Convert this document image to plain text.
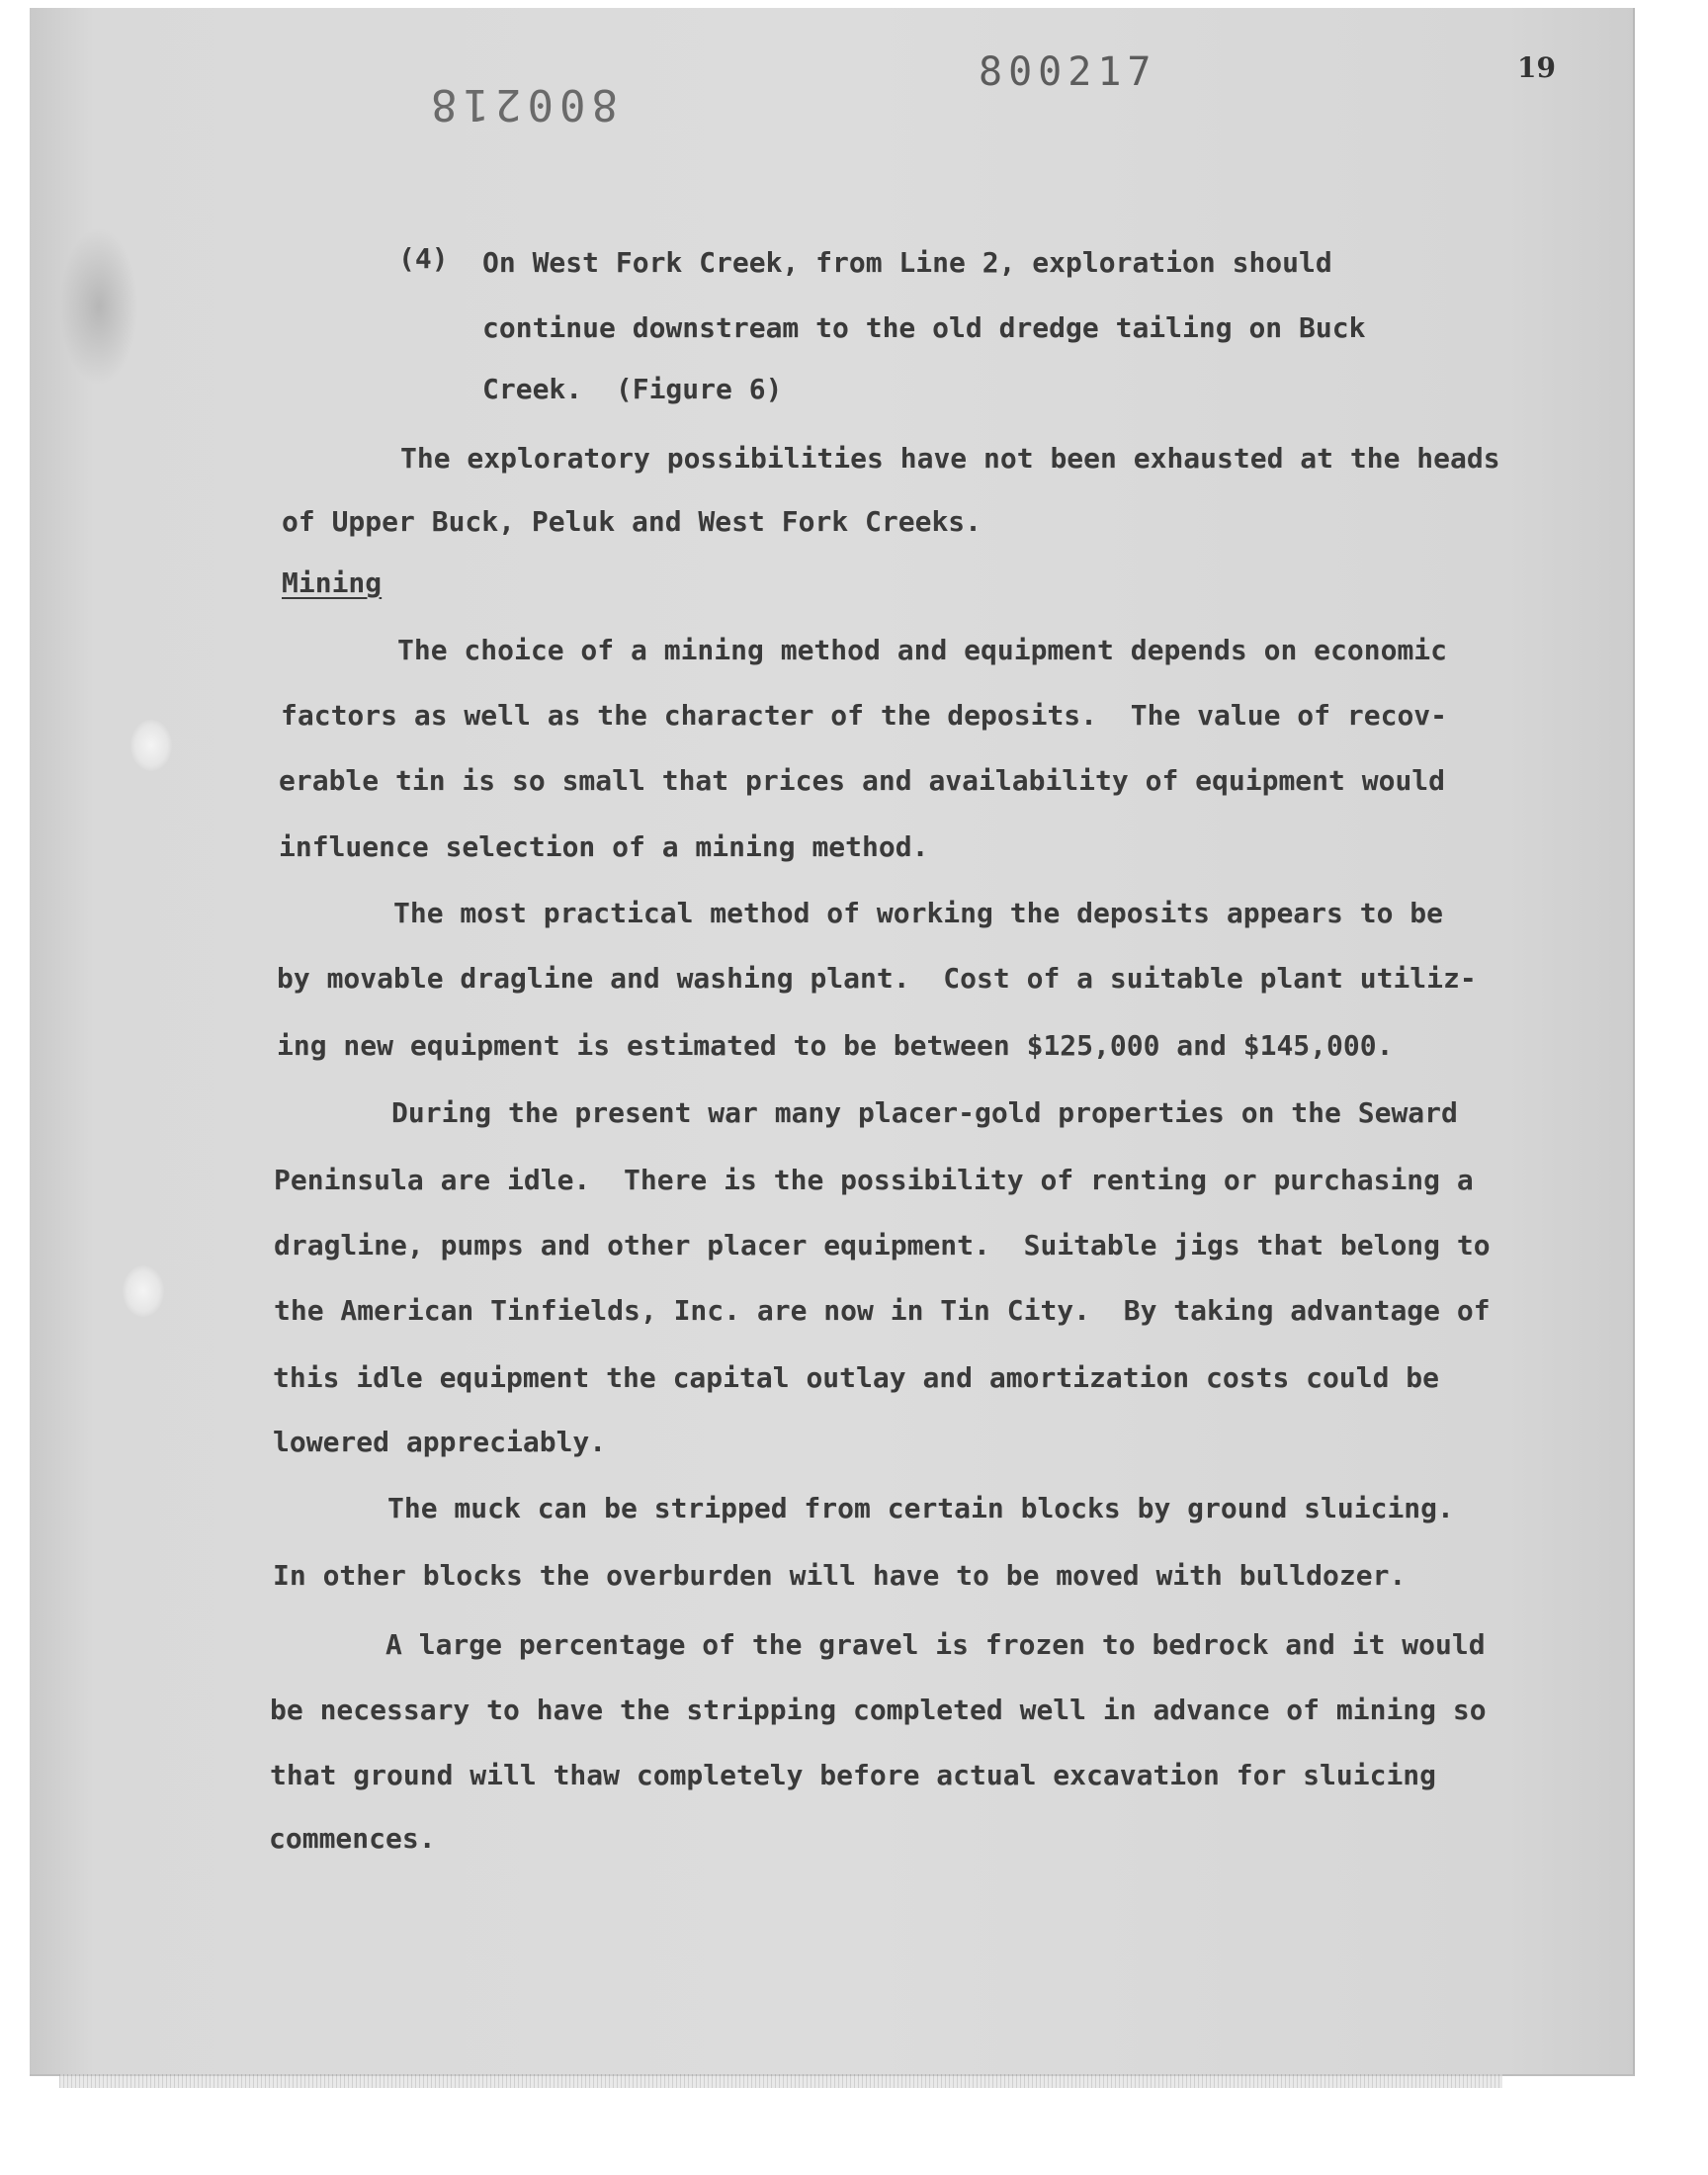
800218
800217	19
(4) On West Fork Creek, from Line 2, exploration should
continue downstream to the old dredge tailing on Buck
Creek.  (Figure 6)
The exploratory possibilities have not been exhausted at the heads
of Upper Buck, Peluk and West Fork Creeks.
Mining
The choice of a mining method and equipment depends on economic
factors as well as the character of the deposits.  The value of recov-
erable tin is so small that prices and availability of equipment would
influence selection of a mining method.
The most practical method of working the deposits appears to be
by movable dragline and washing plant.  Cost of a suitable plant utiliz-
ing new equipment is estimated to be between $125,000 and $145,000.
During the present war many placer-gold properties on the Seward
Peninsula are idle.  There is the possibility of renting or purchasing a
dragline, pumps and other placer equipment.  Suitable jigs that belong to
the American Tinfields, Inc. are now in Tin City.  By taking advantage of
this idle equipment the capital outlay and amortization costs could be
lowered appreciably.
The muck can be stripped from certain blocks by ground sluicing.
In other blocks the overburden will have to be moved with bulldozer.
A large percentage of the gravel is frozen to bedrock and it would
be necessary to have the stripping completed well in advance of mining so
that ground will thaw completely before actual excavation for sluicing
commences.
